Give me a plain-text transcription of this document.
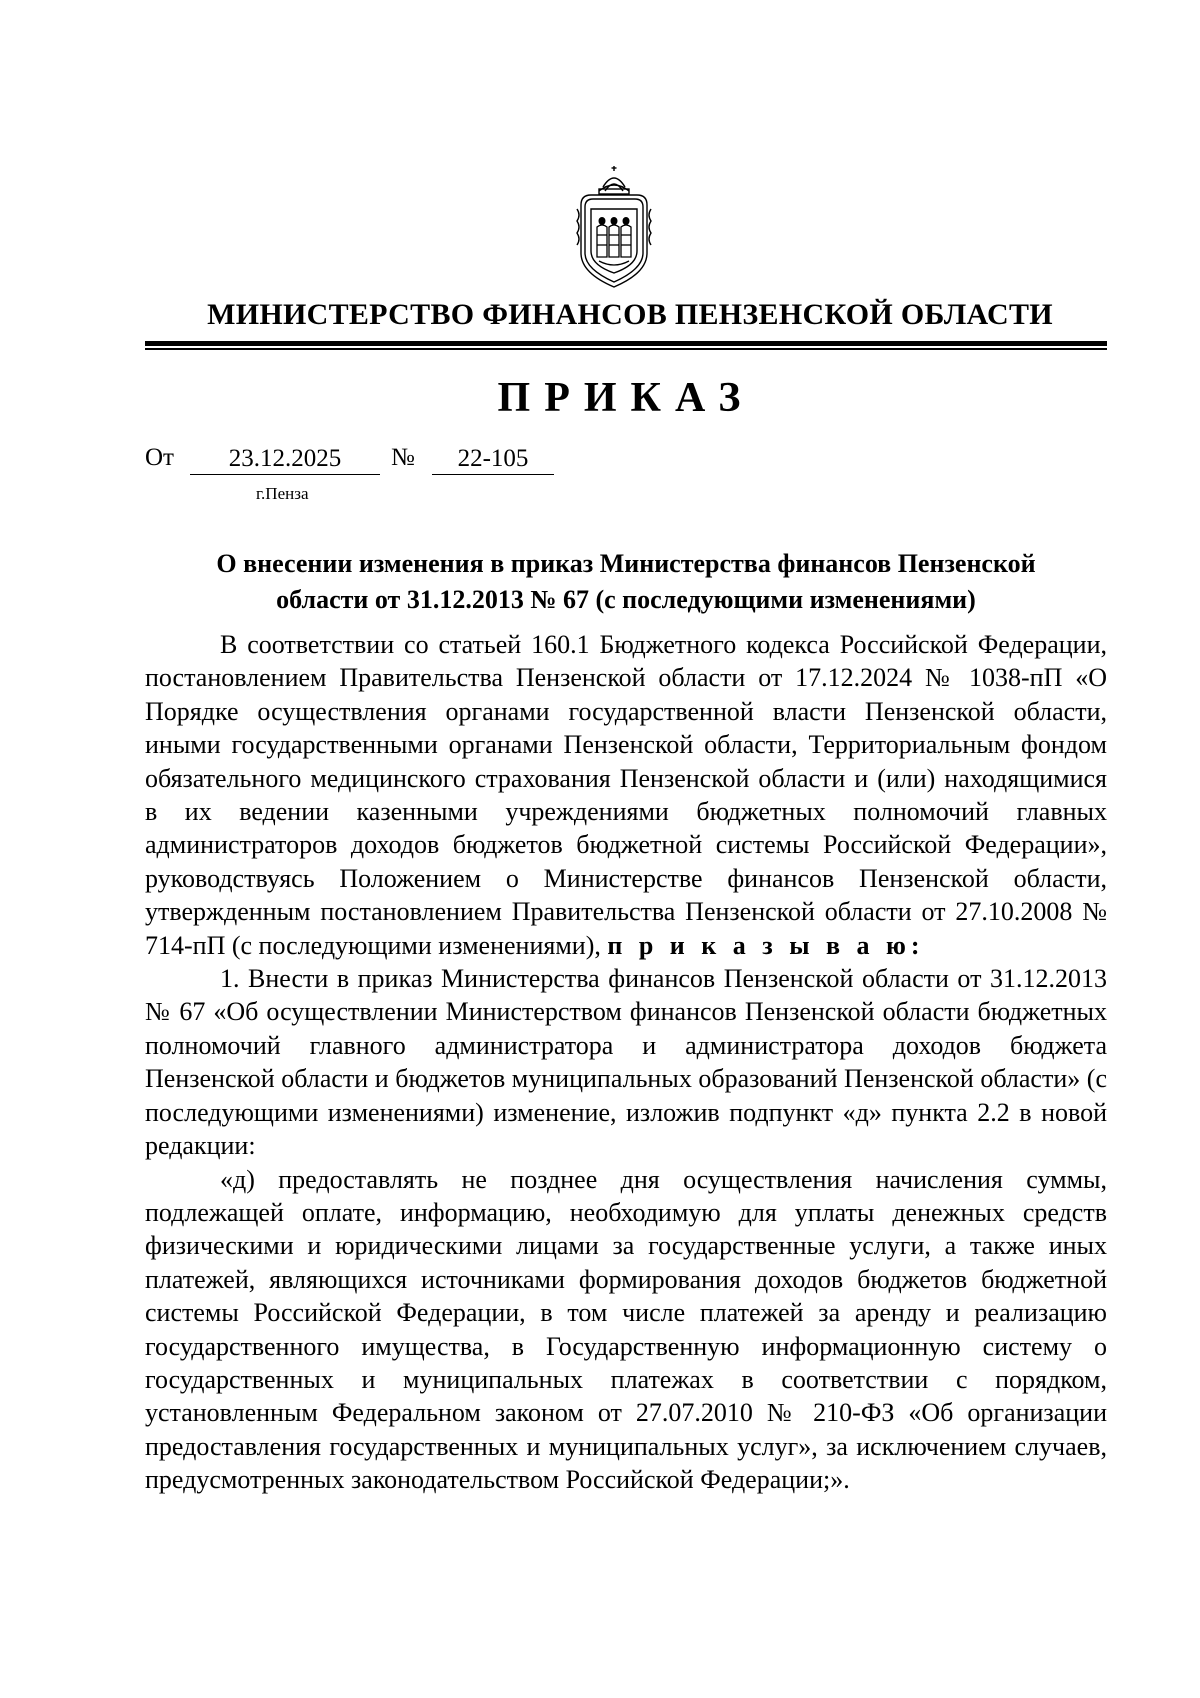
МИНИСТЕРСТВО ФИНАНСОВ ПЕНЗЕНСКОЙ ОБЛАСТИ
ПРИКАЗ
От	23.12.2025	№	22-105
г.Пенза
О внесении изменения в приказ Министерства финансов Пензенской
области от 31.12.2013 № 67 (с последующими изменениями)

В соответствии со статьей 160.1 Бюджетного кодекса Российской Федерации, постановлением Правительства Пензенской области от 17.12.2024 № 1038-пП «О Порядке осуществления органами государственной власти Пензенской области, иными государственными органами Пензенской области, Территориальным фондом обязательного медицинского страхования Пензенской области и (или) находящимися в их ведении казенными учреждениями бюджетных полномочий главных администраторов доходов бюджетов бюджетной системы Российской Федерации», руководствуясь Положением о Министерстве финансов Пензенской области, утвержденным постановлением Правительства Пензенской области от 27.10.2008 № 714-пП (с последующими изменениями), п р и к а з ы в а ю:

1. Внести в приказ Министерства финансов Пензенской области от 31.12.2013 № 67 «Об осуществлении Министерством финансов Пензенской области бюджетных полномочий главного администратора и администратора доходов бюджета Пензенской области и бюджетов муниципальных образований Пензенской области» (с последующими изменениями) изменение, изложив подпункт «д» пункта 2.2 в новой редакции:

«д) предоставлять не позднее дня осуществления начисления суммы, подлежащей оплате, информацию, необходимую для уплаты денежных средств физическими и юридическими лицами за государственные услуги, а также иных платежей, являющихся источниками формирования доходов бюджетов бюджетной системы Российской Федерации, в том числе платежей за аренду и реализацию государственного имущества, в Государственную информационную систему о государственных и муниципальных платежах в соответствии с порядком, установленным Федеральном законом от 27.07.2010 № 210-ФЗ «Об организации предоставления государственных и муниципальных услуг», за исключением случаев, предусмотренных законодательством Российской Федерации;».
